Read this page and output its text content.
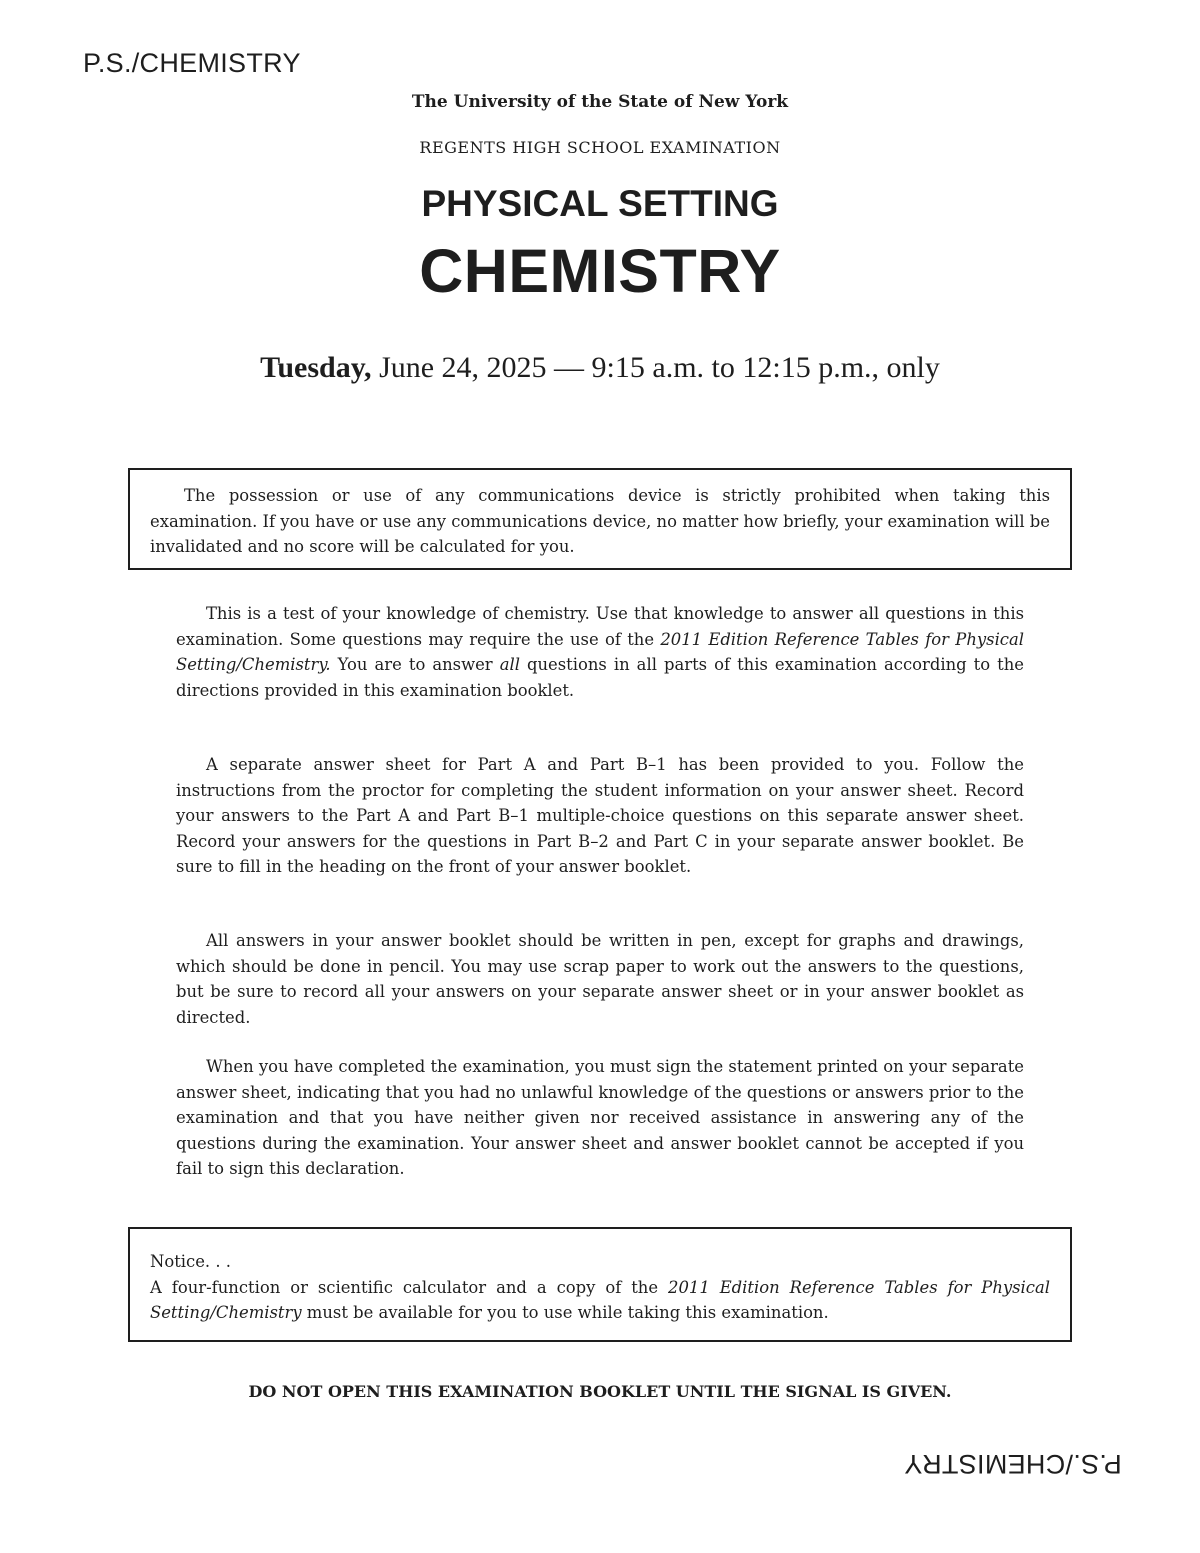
P.S./CHEMISTRY
The University of the State of New York
REGENTS HIGH SCHOOL EXAMINATION
PHYSICAL SETTING
CHEMISTRY
Tuesday, June 24, 2025 — 9:15 a.m. to 12:15 p.m., only
The possession or use of any communications device is strictly prohibited when taking this examination. If you have or use any communications device, no matter how briefly, your examination will be invalidated and no score will be calculated for you.
This is a test of your knowledge of chemistry. Use that knowledge to answer all questions in this examination. Some questions may require the use of the 2011 Edition Reference Tables for Physical Setting/Chemistry. You are to answer all questions in all parts of this examination according to the directions provided in this examination booklet.
A separate answer sheet for Part A and Part B–1 has been provided to you. Follow the instructions from the proctor for completing the student information on your answer sheet. Record your answers to the Part A and Part B–1 multiple-choice questions on this separate answer sheet. Record your answers for the questions in Part B–2 and Part C in your separate answer booklet. Be sure to fill in the heading on the front of your answer booklet.
All answers in your answer booklet should be written in pen, except for graphs and drawings, which should be done in pencil. You may use scrap paper to work out the answers to the questions, but be sure to record all your answers on your separate answer sheet or in your answer booklet as directed.
When you have completed the examination, you must sign the statement printed on your separate answer sheet, indicating that you had no unlawful knowledge of the questions or answers prior to the examination and that you have neither given nor received assistance in answering any of the questions during the examination. Your answer sheet and answer booklet cannot be accepted if you fail to sign this declaration.
Notice. . .
A four-function or scientific calculator and a copy of the 2011 Edition Reference Tables for Physical Setting/Chemistry must be available for you to use while taking this examination.
DO NOT OPEN THIS EXAMINATION BOOKLET UNTIL THE SIGNAL IS GIVEN.
P.S./CHEMISTRY
